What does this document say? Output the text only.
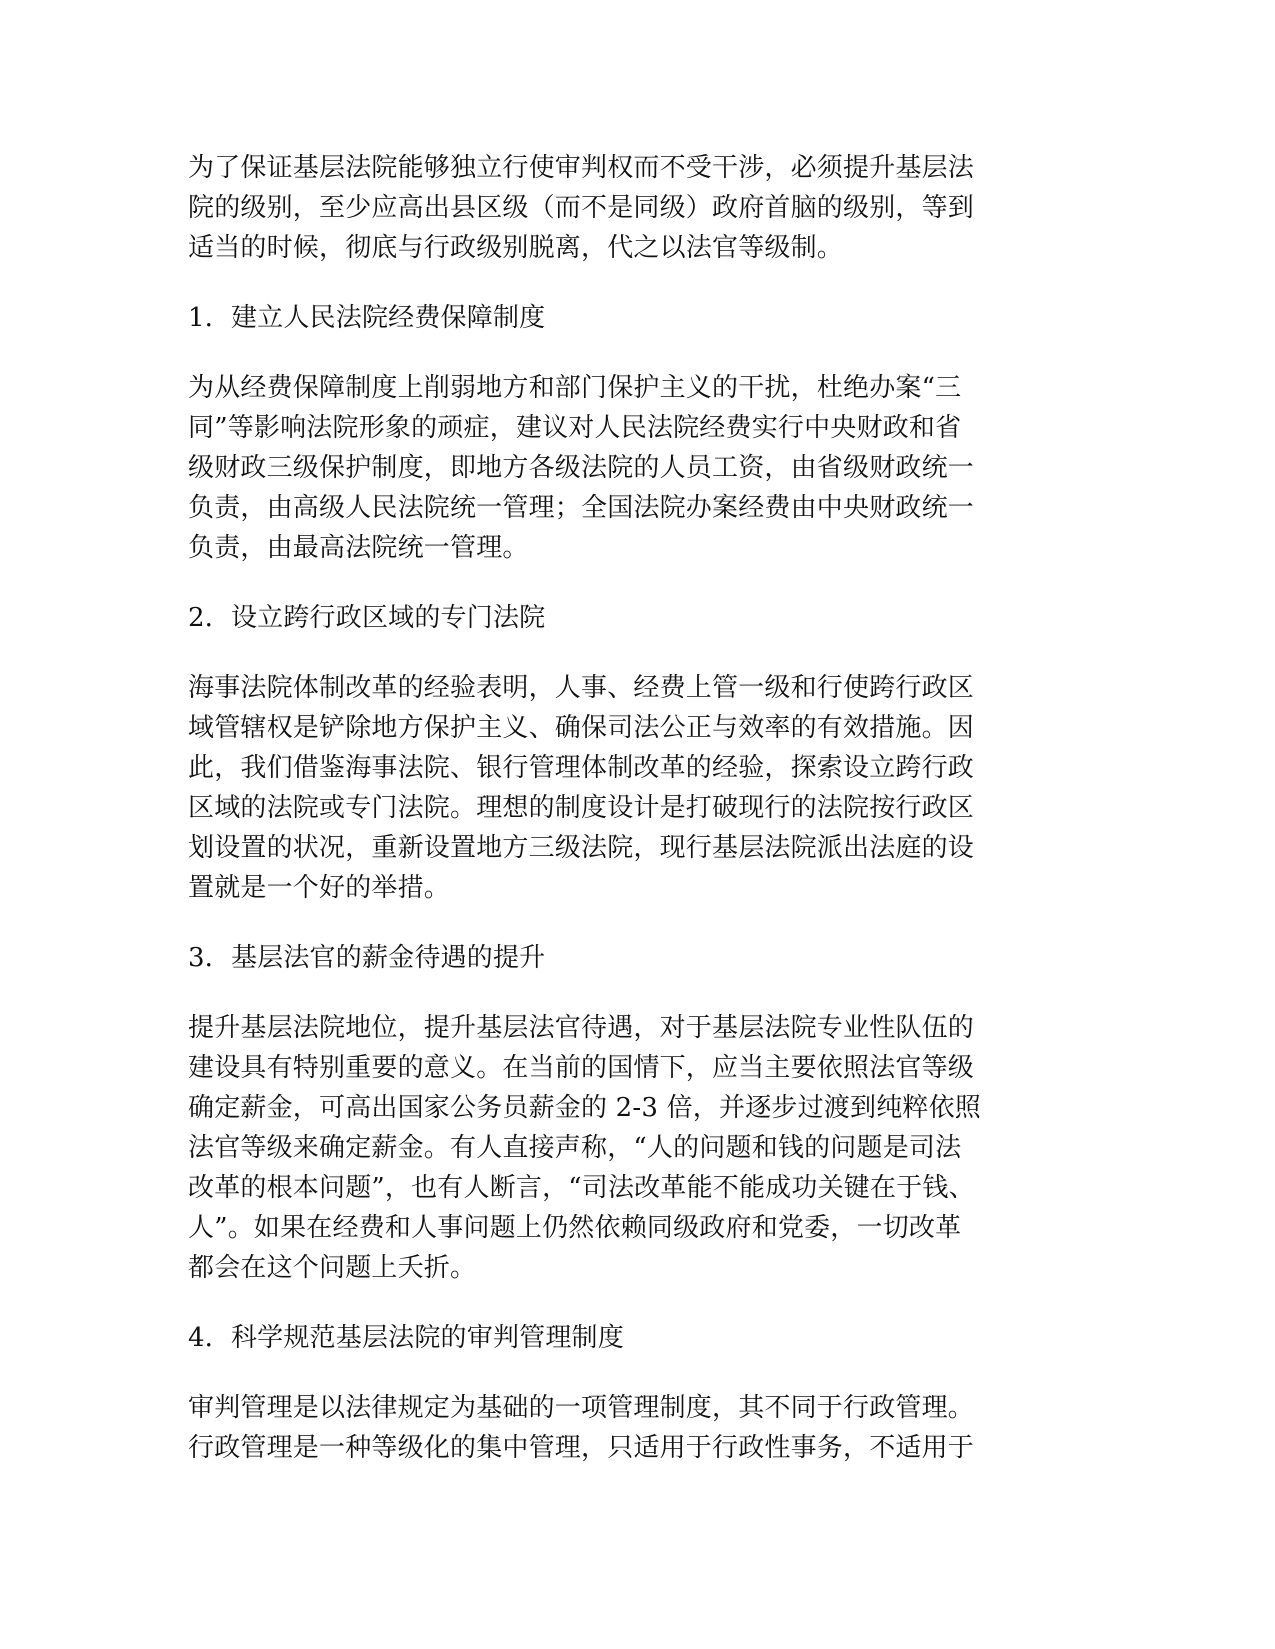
为了保证基层法院能够独立行使审判权而不受干涉，必须提升基层法
院的级别，至少应高出县区级（而不是同级）政府首脑的级别，等到
适当的时候，彻底与行政级别脱离，代之以法官等级制。

1．建立人民法院经费保障制度

为从经费保障制度上削弱地方和部门保护主义的干扰，杜绝办案“三
同”等影响法院形象的顽症，建议对人民法院经费实行中央财政和省
级财政三级保护制度，即地方各级法院的人员工资，由省级财政统一
负责，由高级人民法院统一管理；全国法院办案经费由中央财政统一
负责，由最高法院统一管理。

2．设立跨行政区域的专门法院

海事法院体制改革的经验表明，人事、经费上管一级和行使跨行政区
域管辖权是铲除地方保护主义、确保司法公正与效率的有效措施。因
此，我们借鉴海事法院、银行管理体制改革的经验，探索设立跨行政
区域的法院或专门法院。理想的制度设计是打破现行的法院按行政区
划设置的状况，重新设置地方三级法院，现行基层法院派出法庭的设
置就是一个好的举措。

3．基层法官的薪金待遇的提升

提升基层法院地位，提升基层法官待遇，对于基层法院专业性队伍的
建设具有特别重要的意义。在当前的国情下，应当主要依照法官等级
确定薪金，可高出国家公务员薪金的 2-3 倍，并逐步过渡到纯粹依照
法官等级来确定薪金。有人直接声称，“人的问题和钱的问题是司法
改革的根本问题”，也有人断言，“司法改革能不能成功关键在于钱、
人”。如果在经费和人事问题上仍然依赖同级政府和党委，一切改革
都会在这个问题上夭折。

4．科学规范基层法院的审判管理制度

审判管理是以法律规定为基础的一项管理制度，其不同于行政管理。
行政管理是一种等级化的集中管理，只适用于行政性事务，不适用于
